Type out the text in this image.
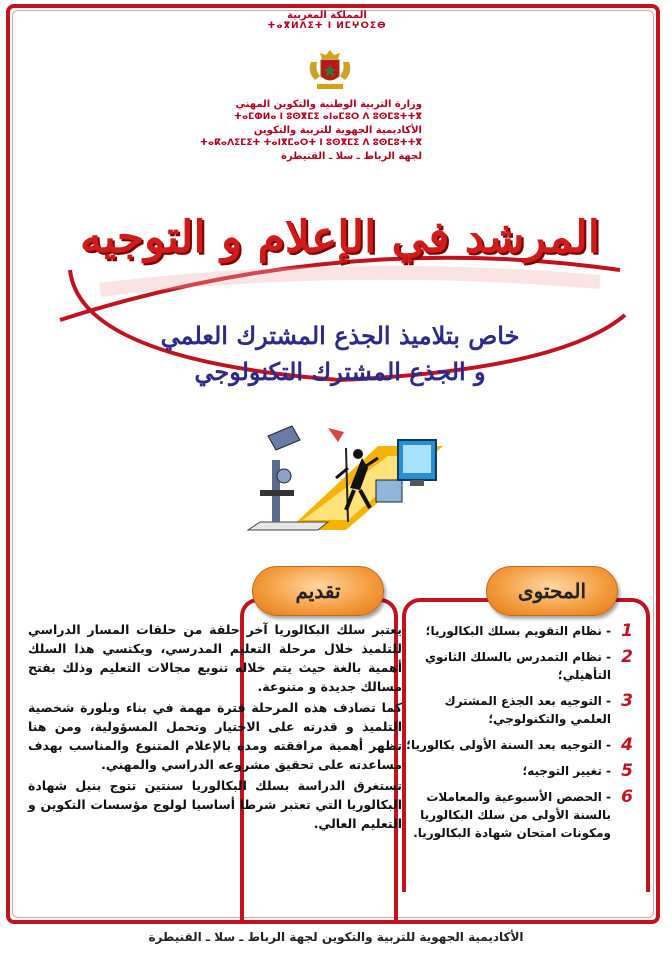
المملكة المغربية
ⵜⴰⴳⵍⴷⵉⵜ ⵏ ⵍⵎⵖⵔⵉⴱ
وزارة التربية الوطنية والتكوين المهني
ⵜⴰⵎⵀⵍⴰ ⵏ ⵓⵙⴳⵎⵉ ⴰⵏⴰⵎⵓⵔ ⴷ ⵓⵙⵎⵓⵜⵜⴳ
الأكاديمية الجهوية للتربية والتكوين
ⵜⴰⴽⴰⴷⵉⵎⵉⵜ ⵜⴰⵏⴳⵎⴰⵔⵜ ⵏ ⵓⵙⴳⵎⵉ ⴷ ⵓⵙⵎⵓⵜⵜⴳ
لجهة الرباط ـ سلا ـ القنيطرة
المرشد في الإعلام و التوجيه
خاص بتلاميذ الجذع المشترك العلمي
و الجذع المشترك التكنولوجي
تقديم	المحتوى

يعتبر سلك البكالوريا آخر حلقة من حلقات المسار الدراسي للتلميذ خلال مرحلة التعليم المدرسي، ويكتسي هذا السلك أهمية بالغة حيث يتم خلاله تنويع مجالات التعليم وذلك بفتح مسالك جديدة و متنوعة.

كما تصادف هذه المرحلة فترة مهمة في بناء وبلورة شخصية التلميذ و قدرته على الاختيار وتحمل المسؤولية، ومن هنا تظهر أهمية مرافقته ومده بالإعلام المتنوع والمناسب بهدف مساعدته على تحقيق مشروعه الدراسي والمهني.

تستغرق الدراسة بسلك البكالوريا سنتين تتوج بنيل شهادة البكالوريا التي تعتبر شرطا أساسيا لولوج مؤسسات التكوين و التعليم العالي.

1
- نظام التقويم بسلك البكالوريا؛
2
- نظام التمدرس بالسلك الثانوي التأهيلي؛
3
- التوجيه بعد الجذع المشترك العلمي والتكنولوجي؛
4
- التوجيه بعد السنة الأولى بكالوريا؛
5
- تغيير التوجيه؛
6
- الحصص الأسبوعية والمعاملات بالسنة الأولى من سلك البكالوريا ومكونات امتحان شهادة البكالوريا.
الأكاديمية الجهوية للتربية والتكوين لجهة الرباط ـ سلا ـ القنيطرة
